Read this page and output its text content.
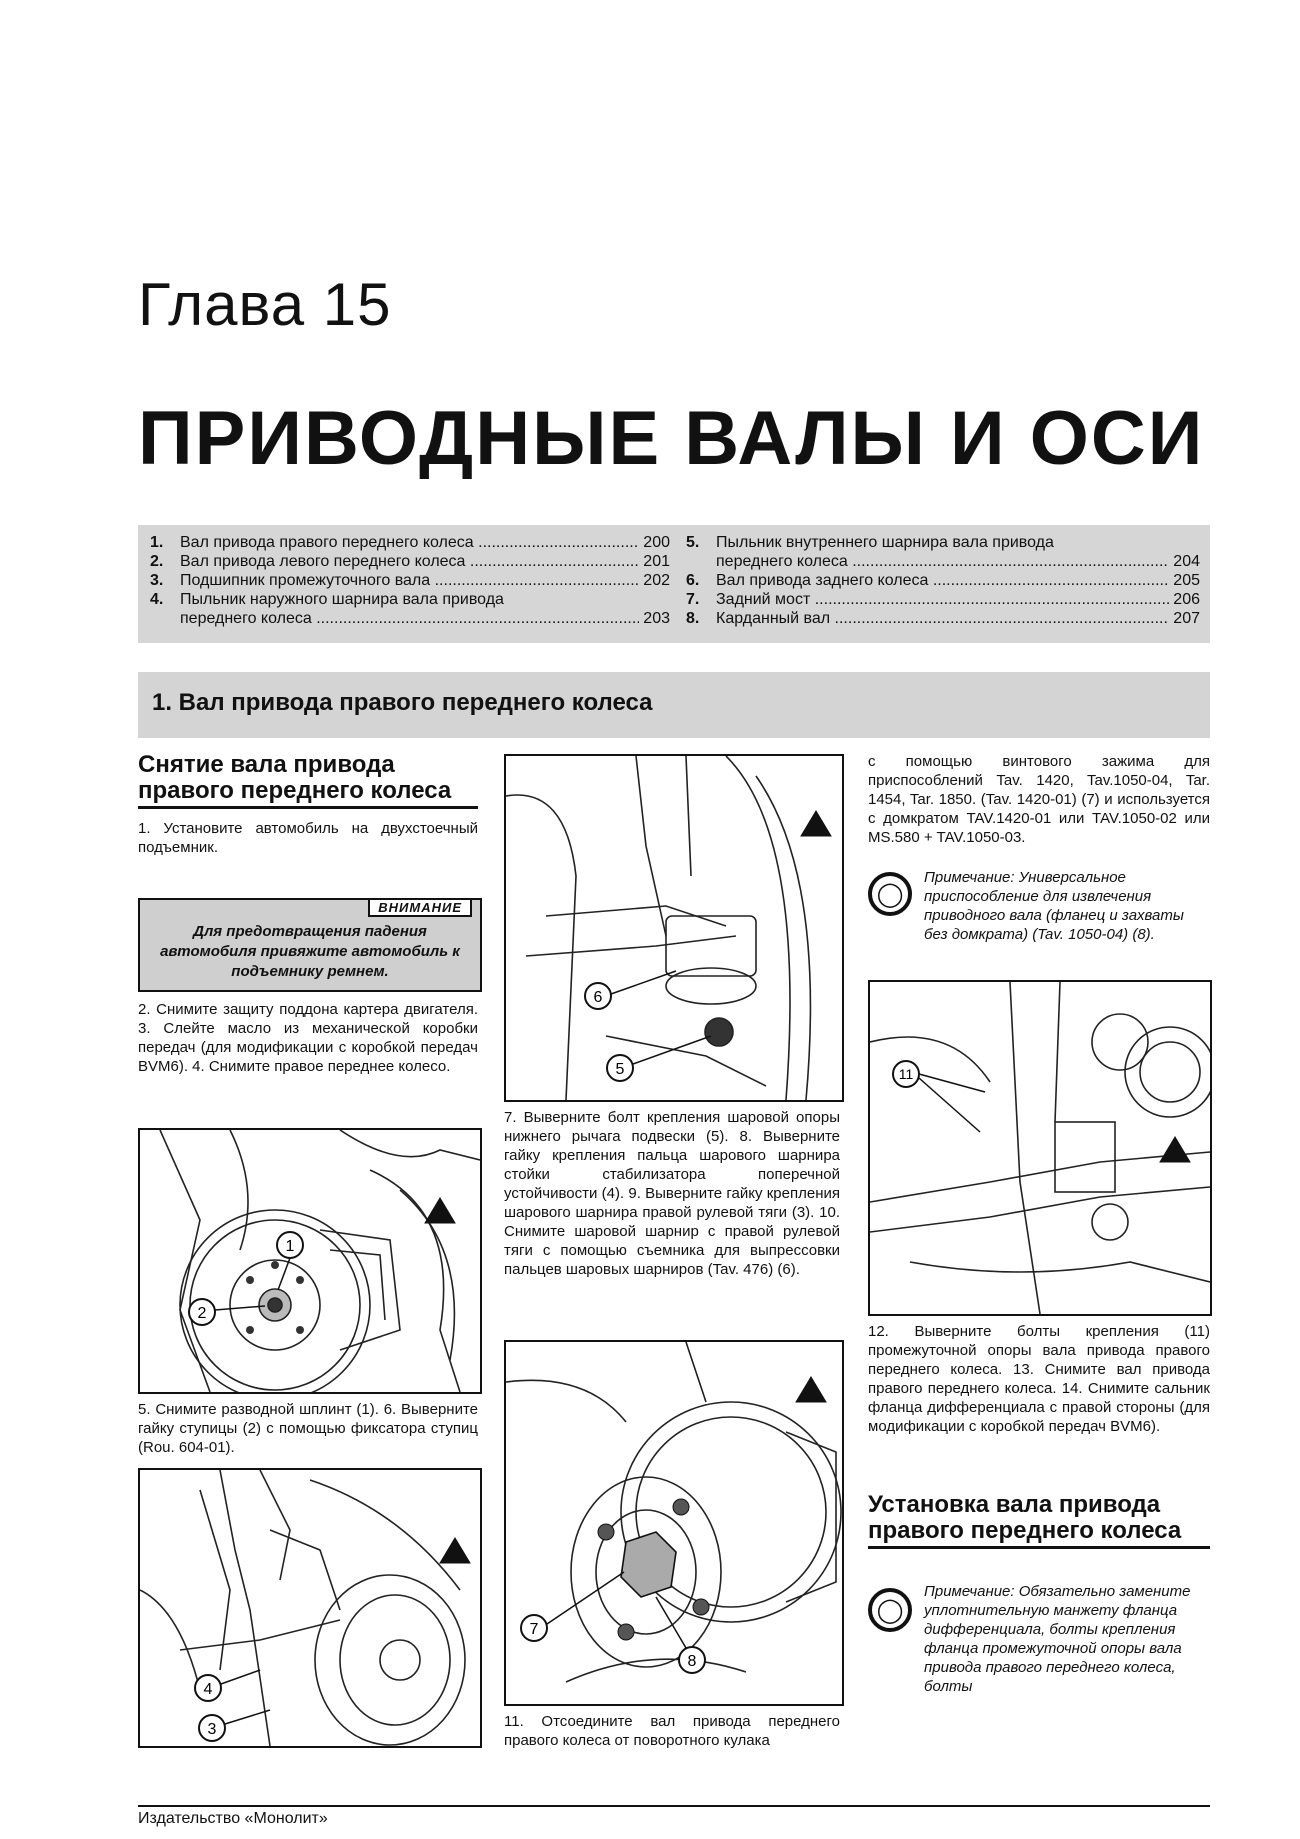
Глава 15
ПРИВОДНЫЕ ВАЛЫ И ОСИ
1.	Вал привода правого переднего колеса .....	200
2.	Вал привода левого переднего колеса .....	201
3.	Подшипник промежуточного вала .....	202
4.	Пыльник наружного шарнира вала привода
переднего колеса .....	203
5.	Пыльник внутреннего шарнира вала привода
переднего колеса .....	204
6.	Вал привода заднего колеса .....	205
7.	Задний мост .....	206
8.	Карданный вал .....	207
1. Вал привода правого переднего колеса
Снятие вала привода правого переднего колеса
1. Установите автомобиль на двухстоечный подъемник.
ВНИМАНИЕ
Для предотвращения падения автомобиля привяжите автомобиль к подъемнику ремнем.
2. Снимите защиту поддона картера двигателя. 3. Слейте масло из механической коробки передач (для модификации с коробкой передач BVM6). 4. Снимите правое переднее колесо.
1
2
5. Снимите разводной шплинт (1). 6. Выверните гайку ступицы (2) с помощью фиксатора ступиц (Rou. 604-01).
4
3
6
5
7. Выверните болт крепления шаровой опоры нижнего рычага подвески (5). 8. Выверните гайку крепления пальца шарового шарнира стойки стабилизатора поперечной устойчивости (4). 9. Выверните гайку крепления шарового шарнира правой рулевой тяги (3). 10. Снимите шаровой шарнир с правой рулевой тяги с помощью съемника для выпрессовки пальцев шаровых шарниров (Tav. 476) (6).
7
8
11. Отсоедините вал привода переднего правого колеса от поворотного кулака
с помощью винтового зажима для приспособлений Tav. 1420, Tav.1050-04, Tar. 1454, Tar. 1850. (Tav. 1420-01) (7) и используется с домкратом TAV.1420-01 или TAV.1050-02 или MS.580 + TAV.1050-03.
◯
Примечание: Универсальное приспособление для извлечения приводного вала (фланец и захваты без домкрата) (Tav. 1050-04) (8).
11
12. Выверните болты крепления (11) промежуточной опоры вала привода правого переднего колеса. 13. Снимите вал привода правого переднего колеса. 14. Снимите сальник фланца дифференциала с правой стороны (для модификации с коробкой передач BVM6).
Установка вала привода правого переднего колеса
◯
Примечание: Обязательно замените уплотнительную манжету фланца дифференциала, болты крепления фланца промежуточной опоры вала привода правого переднего колеса, болты
Издательство «Монолит»
